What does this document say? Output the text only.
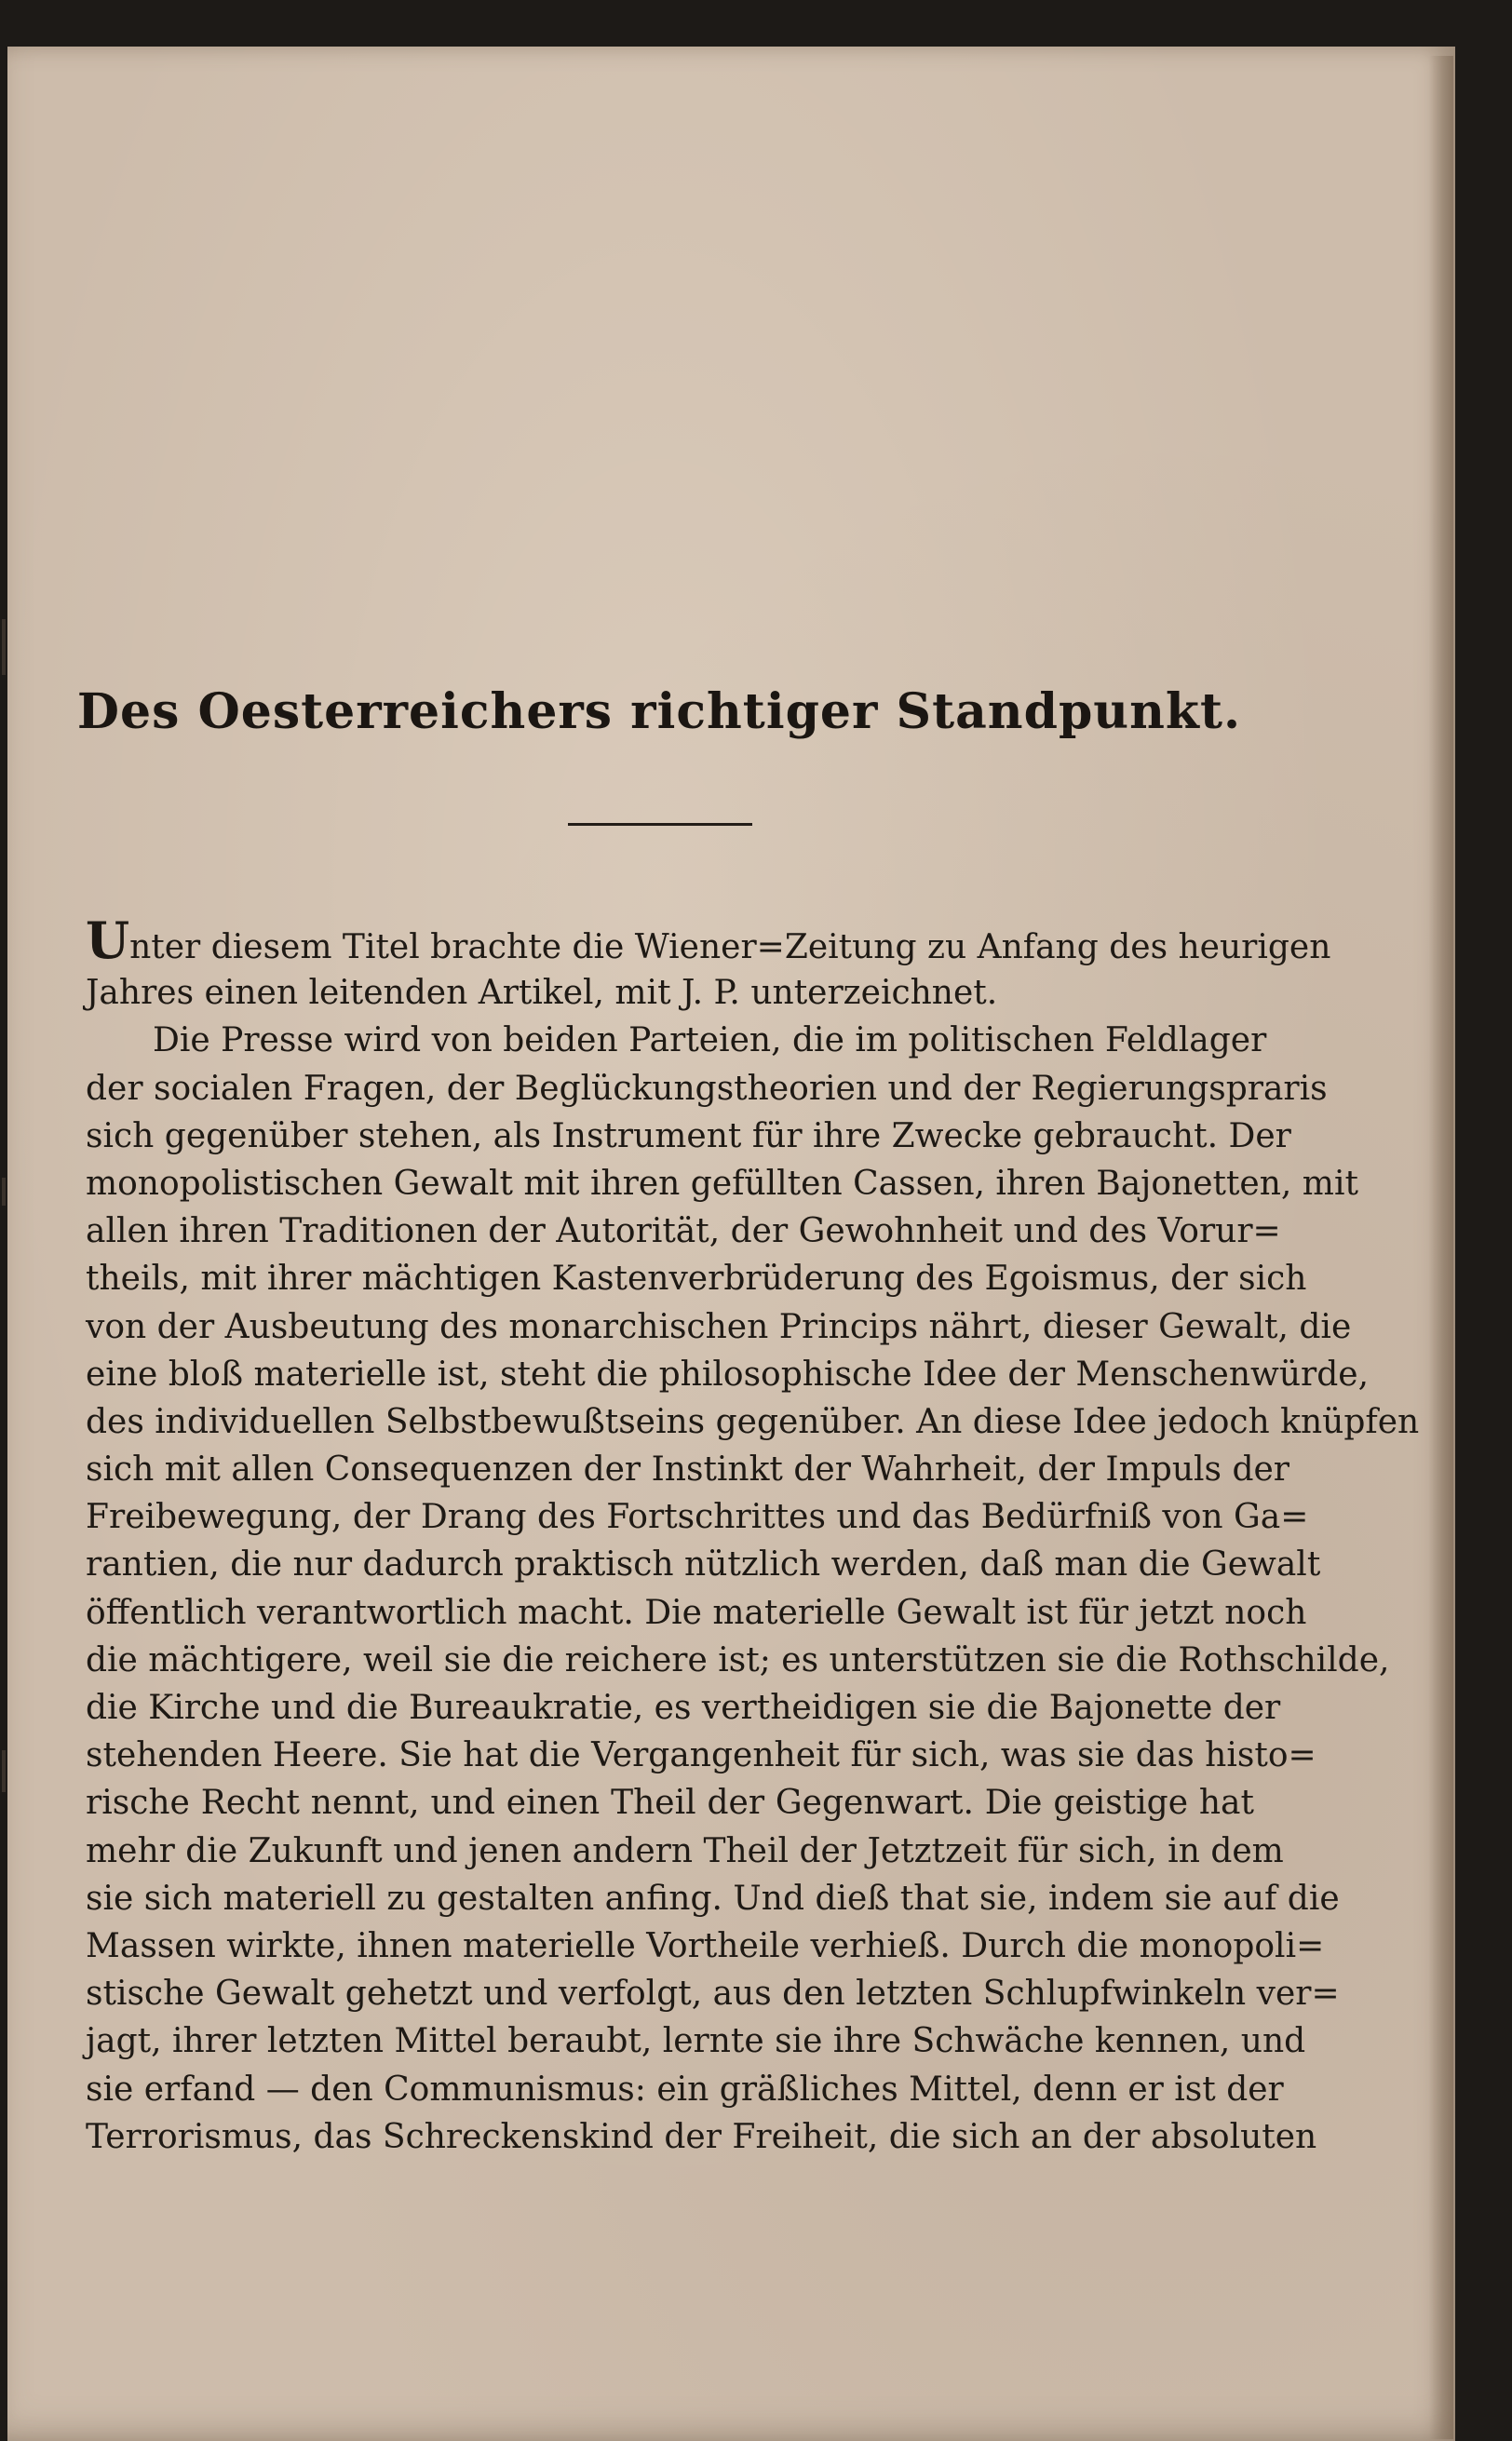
Des Oesterreichers richtiger Standpunkt.
Unter diesem Titel brachte die Wiener=Zeitung zu Anfang des heurigen
Jahres einen leitenden Artikel, mit J. P. unterzeichnet.
Die Presse wird von beiden Parteien, die im politischen Feldlager
der socialen Fragen, der Beglückungstheorien und der Regierungspraris
sich gegenüber stehen, als Instrument für ihre Zwecke gebraucht. Der
monopolistischen Gewalt mit ihren gefüllten Cassen, ihren Bajonetten, mit
allen ihren Traditionen der Autorität, der Gewohnheit und des Vorur=
theils, mit ihrer mächtigen Kastenverbrüderung des Egoismus, der sich
von der Ausbeutung des monarchischen Princips nährt, dieser Gewalt, die
eine bloß materielle ist, steht die philosophische Idee der Menschenwürde,
des individuellen Selbstbewußtseins gegenüber. An diese Idee jedoch knüpfen
sich mit allen Consequenzen der Instinkt der Wahrheit, der Impuls der
Freibewegung, der Drang des Fortschrittes und das Bedürfniß von Ga=
rantien, die nur dadurch praktisch nützlich werden, daß man die Gewalt
öffentlich verantwortlich macht. Die materielle Gewalt ist für jetzt noch
die mächtigere, weil sie die reichere ist; es unterstützen sie die Rothschilde,
die Kirche und die Bureaukratie, es vertheidigen sie die Bajonette der
stehenden Heere. Sie hat die Vergangenheit für sich, was sie das histo=
rische Recht nennt, und einen Theil der Gegenwart. Die geistige hat
mehr die Zukunft und jenen andern Theil der Jetztzeit für sich, in dem
sie sich materiell zu gestalten anfing. Und dieß that sie, indem sie auf die
Massen wirkte, ihnen materielle Vortheile verhieß. Durch die monopoli=
stische Gewalt gehetzt und verfolgt, aus den letzten Schlupfwinkeln ver=
jagt, ihrer letzten Mittel beraubt, lernte sie ihre Schwäche kennen, und
sie erfand — den Communismus: ein gräßliches Mittel, denn er ist der
Terrorismus, das Schreckenskind der Freiheit, die sich an der absoluten
